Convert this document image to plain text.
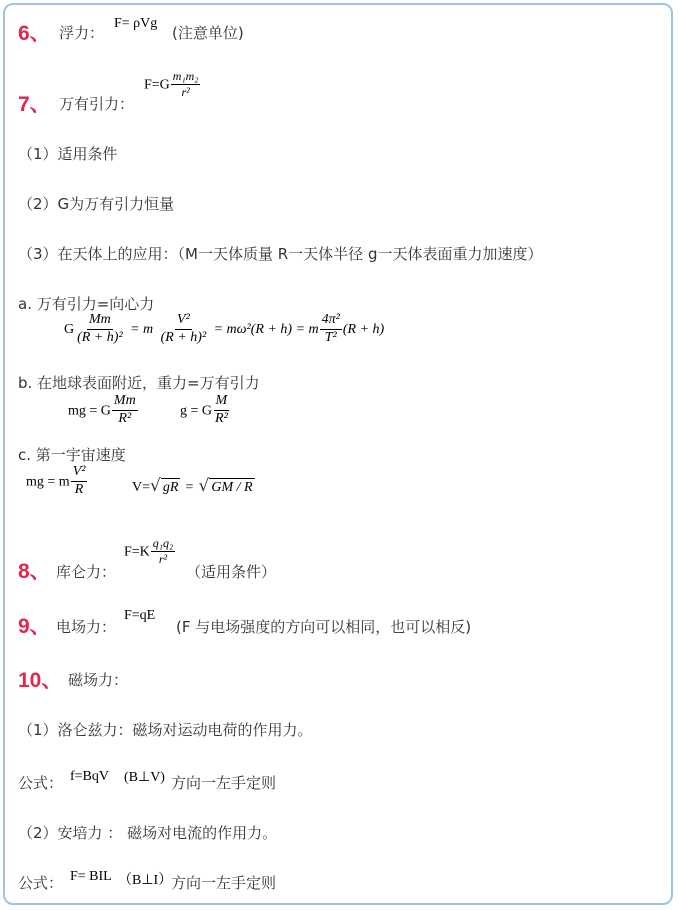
6、 浮力：
F= ρVg
(注意单位)
7、 万有引力：
$F=G \frac{\text{m₁m₂}}{\text{r²}}$
（1）适用条件
（2）G为万有引力恒量
（3）在天体上的应用：（M一天体质量 R一天体半径 g一天体表面重力加速度）
a. 万有引力=向心力
G $\frac{Mm}{\text{(R + h)²}} = m \frac{\text{V²}}{\text{(R + h)²}} = m\omega^2(R + h) = m \frac{\text{4π²}}{\text{T²}} (R + h)$
b. 在地球表面附近，重力=万有引力
mg = G $\frac{Mm}{\text{R²}}$	g = G $\frac{M}{\text{R²}}$
c. 第一宇宙速度
mg = m $\frac{\text{V²}}{R}$	V= √ gR = √ GM / R
8、 库仑力：
$F=K \frac{\text{q₁q₂}}{\text{r²}}$
（适用条件）
9、 电场力：
F=qE
(F 与电场强度的方向可以相同，也可以相反)
10、 磁场力：
（1）洛仑兹力：磁场对运动电荷的作用力。
公式： f=BqV (B⊥V) 方向一左手定则
（2）安培力 ： 磁场对电流的作用力。
公式： F= BIL （B⊥I）
方向一左手定则
